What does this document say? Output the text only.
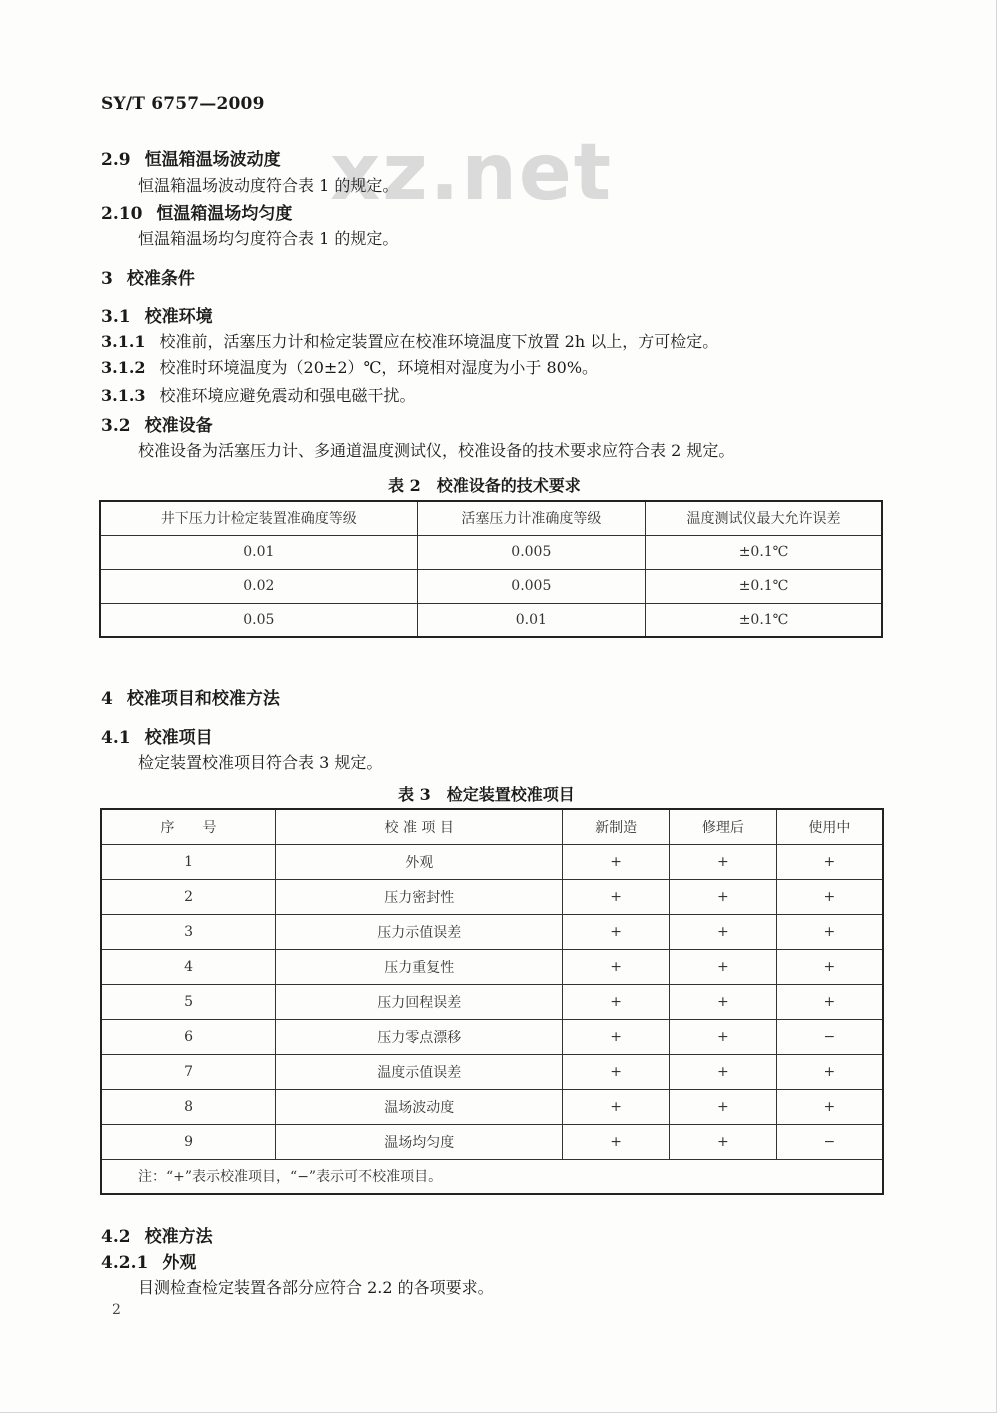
SY/T 6757—2009
xz.net
2.9 恒温箱温场波动度
恒温箱温场波动度符合表 1 的规定。
2.10 恒温箱温场均匀度
恒温箱温场均匀度符合表 1 的规定。
3 校准条件
3.1 校准环境
3.1.1 校准前，活塞压力计和检定装置应在校准环境温度下放置 2h 以上，方可检定。
3.1.2 校准时环境温度为（20±2）℃，环境相对湿度为小于 80%。
3.1.3 校准环境应避免震动和强电磁干扰。
3.2 校准设备
校准设备为活塞压力计、多通道温度测试仪，校准设备的技术要求应符合表 2 规定。
表 2 校准设备的技术要求
井下压力计检定装置准确度等级	活塞压力计准确度等级	温度测试仪最大允许误差
0.01	0.005	±0.1℃
0.02	0.005	±0.1℃
0.05	0.01	±0.1℃
4 校准项目和校准方法
4.1 校准项目
检定装置校准项目符合表 3 规定。
表 3 检定装置校准项目
序　　号	校 准 项 目	新制造	修理后	使用中
1	外观	+	+	+
2	压力密封性	+	+	+
3	压力示值误差	+	+	+
4	压力重复性	+	+	+
5	压力回程误差	+	+	+
6	压力零点漂移	+	+	−
7	温度示值误差	+	+	+
8	温场波动度	+	+	+
9	温场均匀度	+	+	−
注：“+”表示校准项目，“−”表示可不校准项目。				
4.2 校准方法
4.2.1 外观
目测检查检定装置各部分应符合 2.2 的各项要求。
2
